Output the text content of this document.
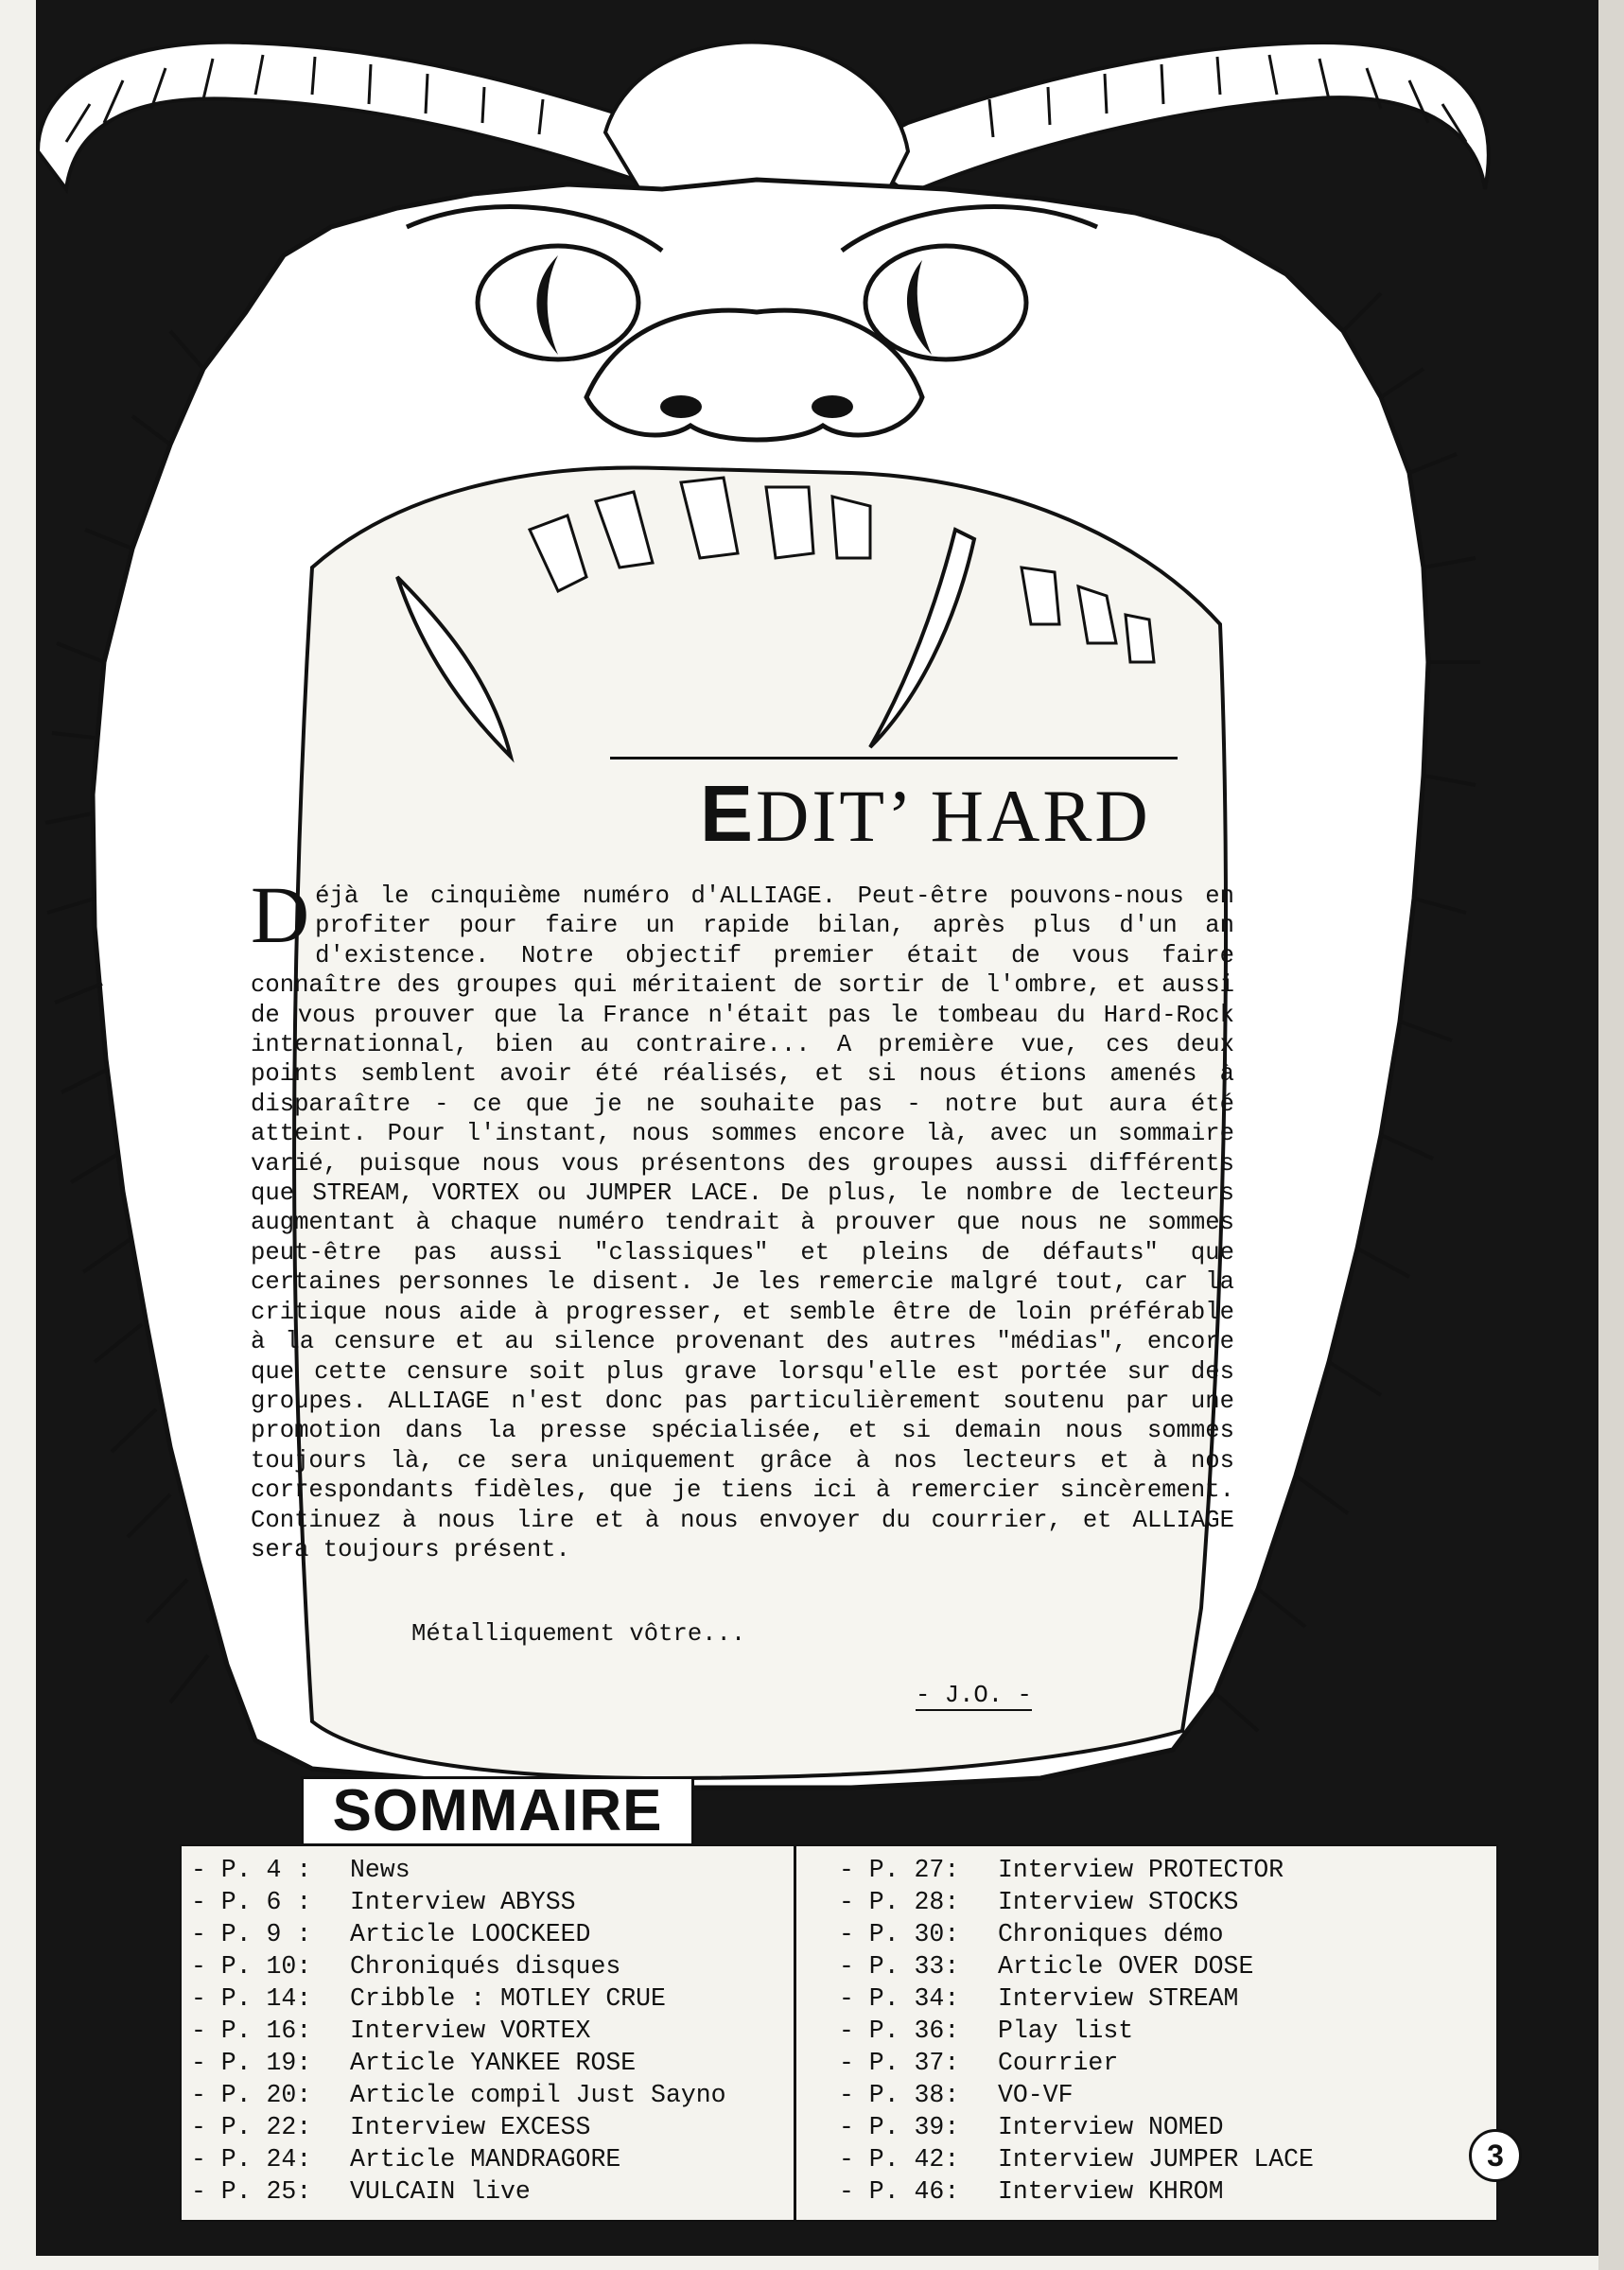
EDIT’ HARD
D éjà le cinquième numéro d'ALLIAGE. Peut-être pouvons-nous en profiter pour faire un rapide bilan, après plus d'un an d'existence. Notre objectif premier était de vous faire connaître des groupes qui méritaient de sortir de l'ombre, et aussi de vous prouver que la France n'était pas le tombeau du Hard-Rock internationnal, bien au contraire... A première vue, ces deux points semblent avoir été réalisés, et si nous étions amenés à disparaître - ce que je ne souhaite pas - notre but aura été atteint. Pour l'instant, nous sommes encore là, avec un sommaire varié, puisque nous vous présentons des groupes aussi différents que STREAM, VORTEX ou JUMPER LACE. De plus, le nombre de lecteurs augmentant à chaque numéro tendrait à prouver que nous ne sommes peut-être pas aussi "classiques" et pleins de défauts" que certaines personnes le disent. Je les remercie malgré tout, car la critique nous aide à progresser, et semble être de loin préférable à la censure et au silence provenant des autres "médias", encore que cette censure soit plus grave lorsqu'elle est portée sur des groupes. ALLIAGE n'est donc pas particulièrement soutenu par une promotion dans la presse spécialisée, et si demain nous sommes toujours là, ce sera uniquement grâce à nos lecteurs et à nos correspondants fidèles, que je tiens ici à remercier sincèrement. Continuez à nous lire et à nous envoyer du courrier, et ALLIAGE sera toujours présent.

Métalliquement vôtre...
- J.O. -
SOMMAIRE
- P. 4 : News
- P. 6 : Interview ABYSS
- P. 9 : Article LOOCKEED
- P. 10: Chroniqués disques
- P. 14: Cribble : MOTLEY CRUE
- P. 16: Interview VORTEX
- P. 19: Article YANKEE ROSE
- P. 20: Article compil Just Sayno
- P. 22: Interview EXCESS
- P. 24: Article MANDRAGORE
- P. 25: VULCAIN live
- P. 27: Interview PROTECTOR
- P. 28: Interview STOCKS
- P. 30: Chroniques démo
- P. 33: Article OVER DOSE
- P. 34: Interview STREAM
- P. 36: Play list
- P. 37: Courrier
- P. 38: VO-VF
- P. 39: Interview NOMED
- P. 42: Interview JUMPER LACE
- P. 46: Interview KHROM
3
